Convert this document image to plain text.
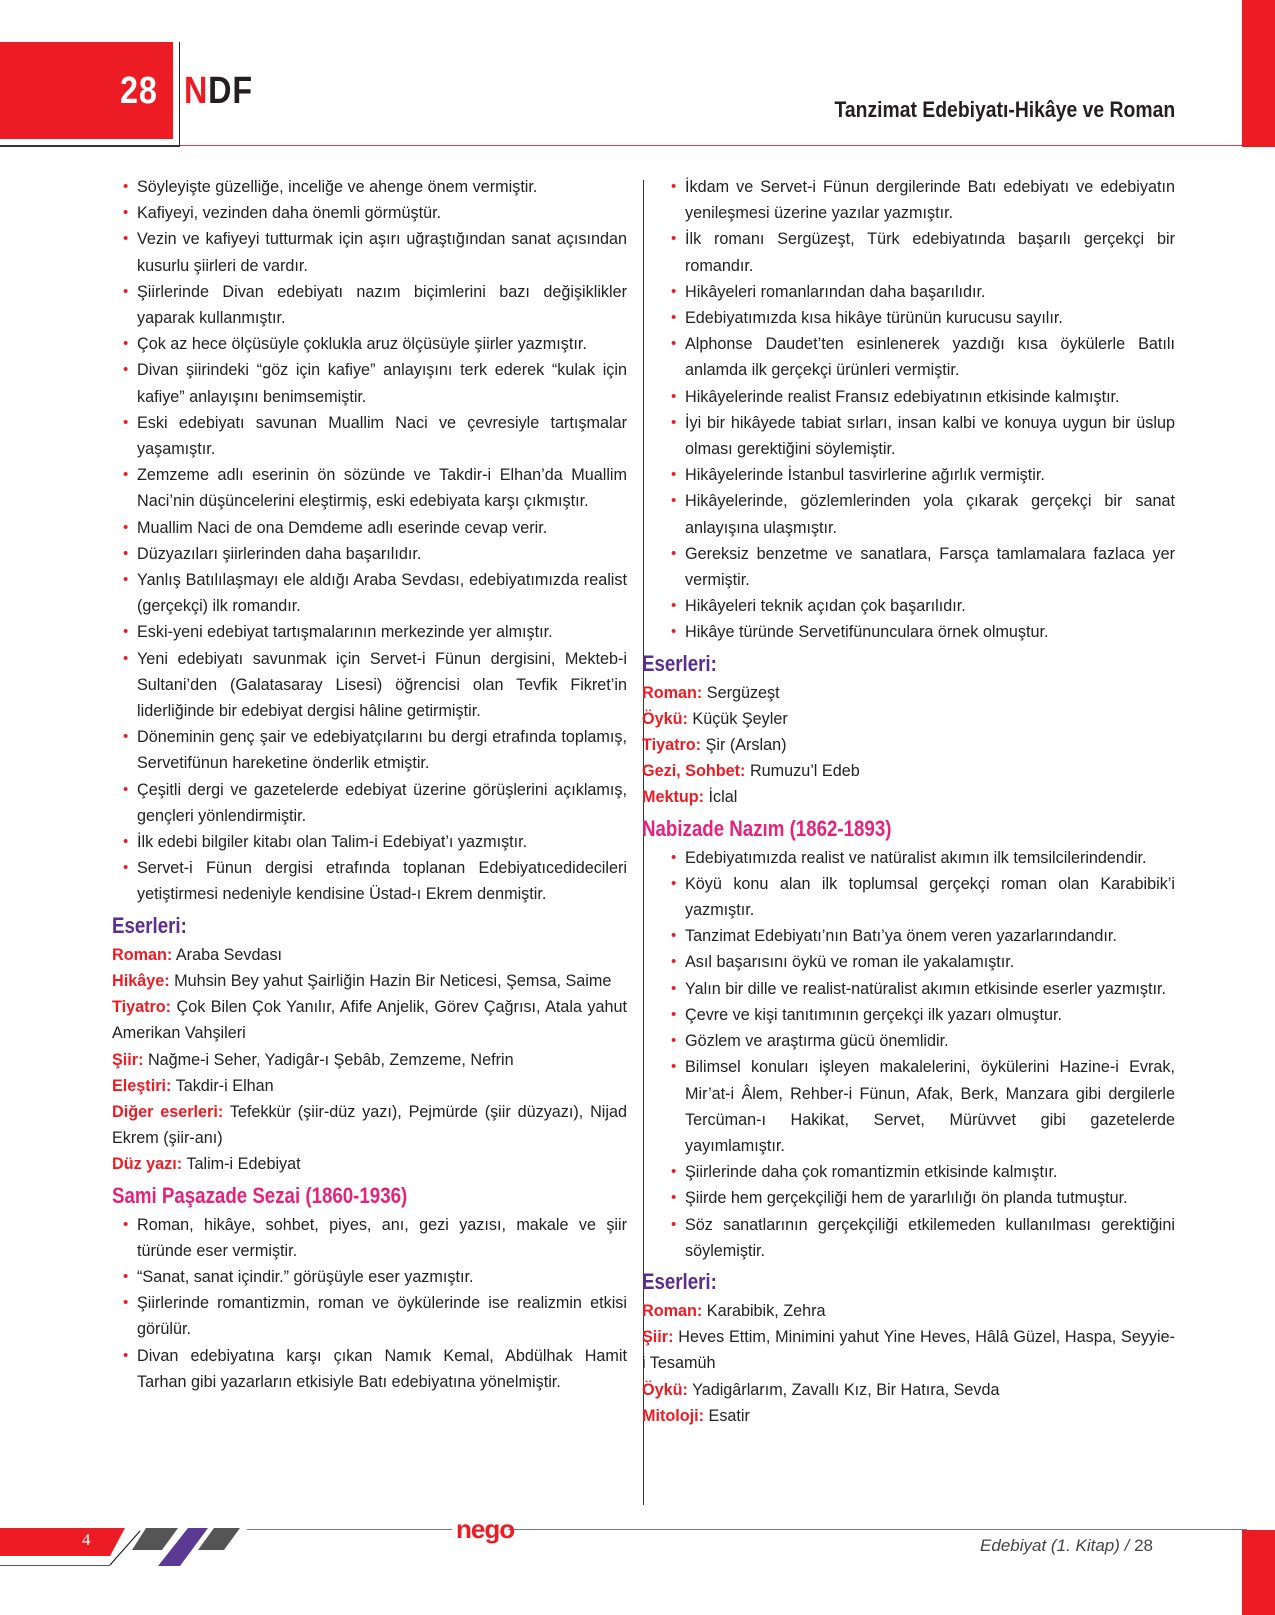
28 NDF	Tanzimat Edebiyatı-Hikâye ve Roman
• Söyleyişte güzelliğe, inceliğe ve ahenge önem vermiştir.
• Kafiyeyi, vezinden daha önemli görmüştür.
• Vezin ve kafiyeyi tutturmak için aşırı uğraştığından sanat açısından kusurlu şiirleri de vardır.
• Şiirlerinde Divan edebiyatı nazım biçimlerini bazı değişiklikler yaparak kullanmıştır.
• Çok az hece ölçüsüyle çoklukla aruz ölçüsüyle şiirler yazmıştır.
• Divan şiirindeki “göz için kafiye” anlayışını terk ederek “kulak için kafiye” anlayışını benimsemiştir.
• Eski edebiyatı savunan Muallim Naci ve çevresiyle tartışmalar yaşamıştır.
• Zemzeme adlı eserinin ön sözünde ve Takdir-i Elhan’da Muallim Naci’nin düşüncelerini eleştirmiş, eski edebiyata karşı çıkmıştır.
• Muallim Naci de ona Demdeme adlı eserinde cevap verir.
• Düzyazıları şiirlerinden daha başarılıdır.
• Yanlış Batılılaşmayı ele aldığı Araba Sevdası, edebiyatımızda realist (gerçekçi) ilk romandır.
• Eski-yeni edebiyat tartışmalarının merkezinde yer almıştır.
• Yeni edebiyatı savunmak için Servet-i Fünun dergisini, Mekteb-i Sultani’den (Galatasaray Lisesi) öğrencisi olan Tevfik Fikret’in liderliğinde bir edebiyat dergisi hâline getirmiştir.
• Döneminin genç şair ve edebiyatçılarını bu dergi etrafında toplamış, Servetifünun hareketine önderlik etmiştir.
• Çeşitli dergi ve gazetelerde edebiyat üzerine görüşlerini açıklamış, gençleri yönlendirmiştir.
• İlk edebi bilgiler kitabı olan Talim-i Edebiyat’ı yazmıştır.
• Servet-i Fünun dergisi etrafında toplanan Edebiyatıcedidecileri yetiştirmesi nedeniyle kendisine Üstad-ı Ekrem denmiştir.
Eserleri:
Roman: Araba Sevdası
Hikâye: Muhsin Bey yahut Şairliğin Hazin Bir Neticesi, Şemsa, Saime
Tiyatro: Çok Bilen Çok Yanılır, Afife Anjelik, Görev Çağrısı, Atala yahut Amerikan Vahşileri
Şiir: Nağme-i Seher, Yadigâr-ı Şebâb, Zemzeme, Nefrin
Eleştiri: Takdir-i Elhan
Diğer eserleri: Tefekkür (şiir-düz yazı), Pejmürde (şiir düzyazı), Nijad Ekrem (şiir-anı)
Düz yazı: Talim-i Edebiyat
Sami Paşazade Sezai (1860-1936)
• Roman, hikâye, sohbet, piyes, anı, gezi yazısı, makale ve şiir türünde eser vermiştir.
• “Sanat, sanat içindir.” görüşüyle eser yazmıştır.
• Şiirlerinde romantizmin, roman ve öykülerinde ise realizmin etkisi görülür.
• Divan edebiyatına karşı çıkan Namık Kemal, Abdülhak Hamit Tarhan gibi yazarların etkisiyle Batı edebiyatına yönelmiştir.
• İkdam ve Servet-i Fünun dergilerinde Batı edebiyatı ve edebiyatın yenileşmesi üzerine yazılar yazmıştır.
• İlk romanı Sergüzeşt, Türk edebiyatında başarılı gerçekçi bir romandır.
• Hikâyeleri romanlarından daha başarılıdır.
• Edebiyatımızda kısa hikâye türünün kurucusu sayılır.
• Alphonse Daudet’ten esinlenerek yazdığı kısa öykülerle Batılı anlamda ilk gerçekçi ürünleri vermiştir.
• Hikâyelerinde realist Fransız edebiyatının etkisinde kalmıştır.
• İyi bir hikâyede tabiat sırları, insan kalbi ve konuya uygun bir üslup olması gerektiğini söylemiştir.
• Hikâyelerinde İstanbul tasvirlerine ağırlık vermiştir.
• Hikâyelerinde, gözlemlerinden yola çıkarak gerçekçi bir sanat anlayışına ulaşmıştır.
• Gereksiz benzetme ve sanatlara, Farsça tamlamalara fazlaca yer vermiştir.
• Hikâyeleri teknik açıdan çok başarılıdır.
• Hikâye türünde Servetifünunculara örnek olmuştur.
Eserleri:
Roman: Sergüzeşt
Öykü: Küçük Şeyler
Tiyatro: Şir (Arslan)
Gezi, Sohbet: Rumuzu’l Edeb
Mektup: İclal
Nabizade Nazım (1862-1893)
• Edebiyatımızda realist ve natüralist akımın ilk temsilcilerindendir.
• Köyü konu alan ilk toplumsal gerçekçi roman olan Karabibik’i yazmıştır.
• Tanzimat Edebiyatı’nın Batı’ya önem veren yazarlarındandır.
• Asıl başarısını öykü ve roman ile yakalamıştır.
• Yalın bir dille ve realist-natüralist akımın etkisinde eserler yazmıştır.
• Çevre ve kişi tanıtımının gerçekçi ilk yazarı olmuştur.
• Gözlem ve araştırma gücü önemlidir.
• Bilimsel konuları işleyen makalelerini, öykülerini Hazine-i Evrak, Mir’at-i Âlem, Rehber-i Fünun, Afak, Berk, Manzara gibi dergilerle Tercüman-ı Hakikat, Servet, Mürüvvet gibi gazetelerde yayımlamıştır.
• Şiirlerinde daha çok romantizmin etkisinde kalmıştır.
• Şiirde hem gerçekçiliği hem de yararlılığı ön planda tutmuştur.
• Söz sanatlarının gerçekçiliği etkilemeden kullanılması gerektiğini söylemiştir.
Eserleri:
Roman: Karabibik, Zehra
Şiir: Heves Ettim, Minimini yahut Yine Heves, Hâlâ Güzel, Haspa, Seyyie-i Tesamüh
Öykü: Yadigârlarım, Zavallı Kız, Bir Hatıra, Sevda
Mitoloji: Esatir
4	nego
Edebiyat (1. Kitap) / 28
